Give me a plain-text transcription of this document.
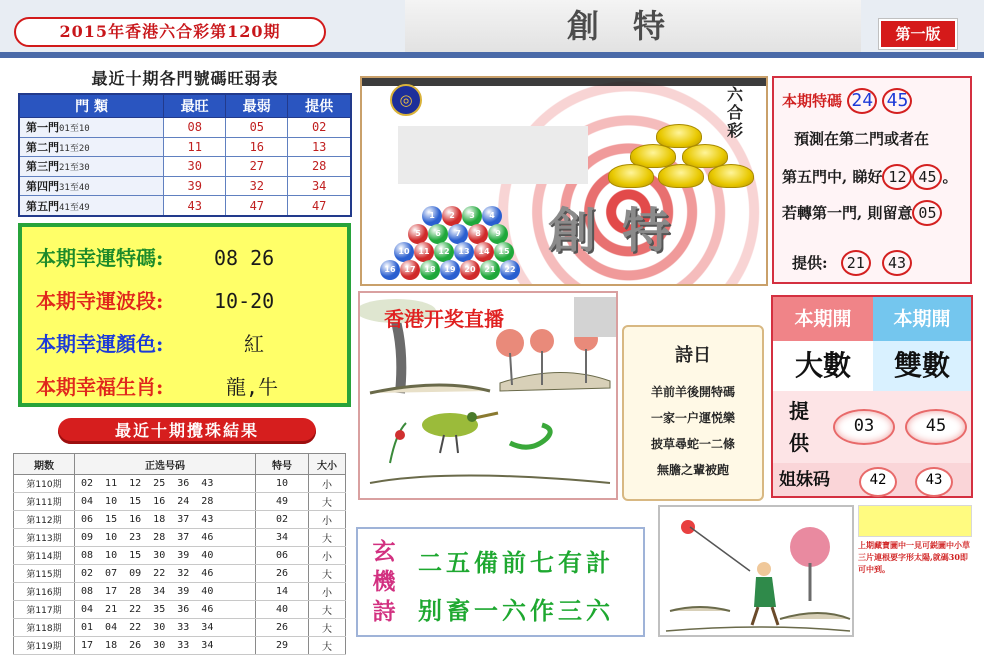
2015年香港六合彩第120期	創特	第一版
最近十期各門號碼旺弱表
門 類	最旺	最弱	提供
第一門01至10	08	05	02
第二門11至20	11	16	13
第三門21至30	30	27	28
第四門31至40	39	32	34
第五門41至49	43	47	47
本期幸運特碼:	08 26
本期寺運波段:	10-20
本期幸運顏色:	紅
本期幸福生肖:	龍,牛
最近十期攪珠結果
期数	正选号码	特号	大小
第110期	02 11 12 25 36 43	10	小
第111期	04 10 15 16 24 28	49	大
第112期	06 15 16 18 37 43	02	小
第113期	09 10 23 28 37 46	34	大
第114期	08 10 15 30 39 40	06	小
第115期	02 07 09 22 32 46	26	大
第116期	08 17 28 34 39 40	14	小
第117期	04 21 22 35 36 46	40	大
第118期	01 04 22 30 33 34	26	大
第119期	17 18 26 30 33 34	29	大
◎	六合彩
創特
1	2	3	4
5	6	7	8	9
10	11	12	13	14	15
16	17	18	19	20	21	22
本期特碼 24 45
預測在第二門或者在
第五門中, 睇好 12 45 。
若轉第一門, 則留意 05
提供: 21 43
香港开奖直播
詩日
羊前羊後開特碼
一家一户運悦樂
披草尋蛇一二條
無膽之輩被跑
本期開	本期開
大數	雙數
提供
03	45
姐妹码	42	43
玄機詩
二五備前七有計
别畜一六作三六
上期藏寶圖中一見可鋭圖中小草三片連根要字形太陽,就碼30即可中到。
